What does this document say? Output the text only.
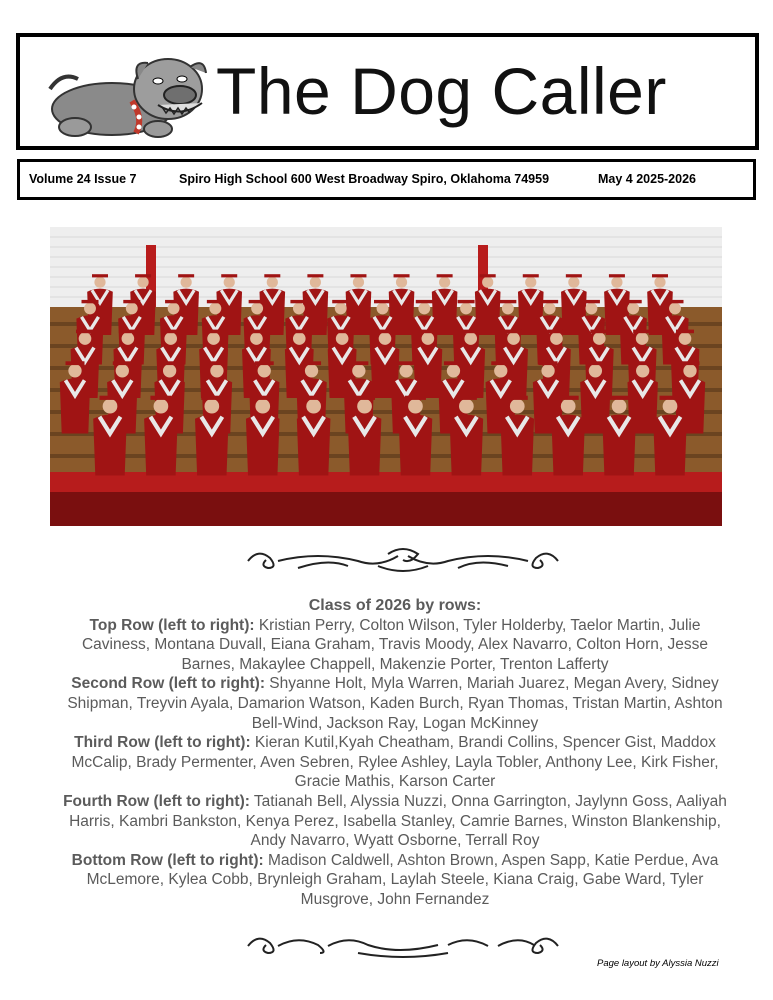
The Dog Caller
Volume 24 Issue 7	Spiro High School 600 West Broadway Spiro, Oklahoma 74959	May 4 2025-2026

Class of 2026 by rows:

Top Row (left to right): Kristian Perry, Colton Wilson, Tyler Holderby, Taelor Martin, Julie Caviness, Montana Duvall, Eiana Graham, Travis Moody, Alex Navarro, Colton Horn, Jesse Barnes, Makaylee Chappell, Makenzie Porter, Trenton Lafferty

Second Row (left to right): Shyanne Holt, Myla Warren, Mariah Juarez, Megan Avery, Sidney Shipman, Treyvin Ayala, Damarion Watson, Kaden Burch, Ryan Thomas, Tristan Martin, Ashton Bell-Wind, Jackson Ray, Logan McKinney

Third Row (left to right): Kieran Kutil,Kyah Cheatham, Brandi Collins, Spencer Gist, Maddox McCalip, Brady Permenter, Aven Sebren, Rylee Ashley, Layla Tobler, Anthony Lee, Kirk Fisher, Gracie Mathis, Karson Carter

Fourth Row (left to right): Tatianah Bell, Alyssia Nuzzi, Onna Garrington, Jaylynn Goss, Aaliyah Harris, Kambri Bankston, Kenya Perez, Isabella Stanley, Camrie Barnes, Winston Blankenship, Andy Navarro, Wyatt Osborne, Terrall Roy

Bottom Row (left to right): Madison Caldwell, Ashton Brown, Aspen Sapp, Katie Perdue, Ava McLemore, Kylea Cobb, Brynleigh Graham, Laylah Steele, Kiana Craig, Gabe Ward, Tyler Musgrove, John Fernandez

Page layout by Alyssia Nuzzi
